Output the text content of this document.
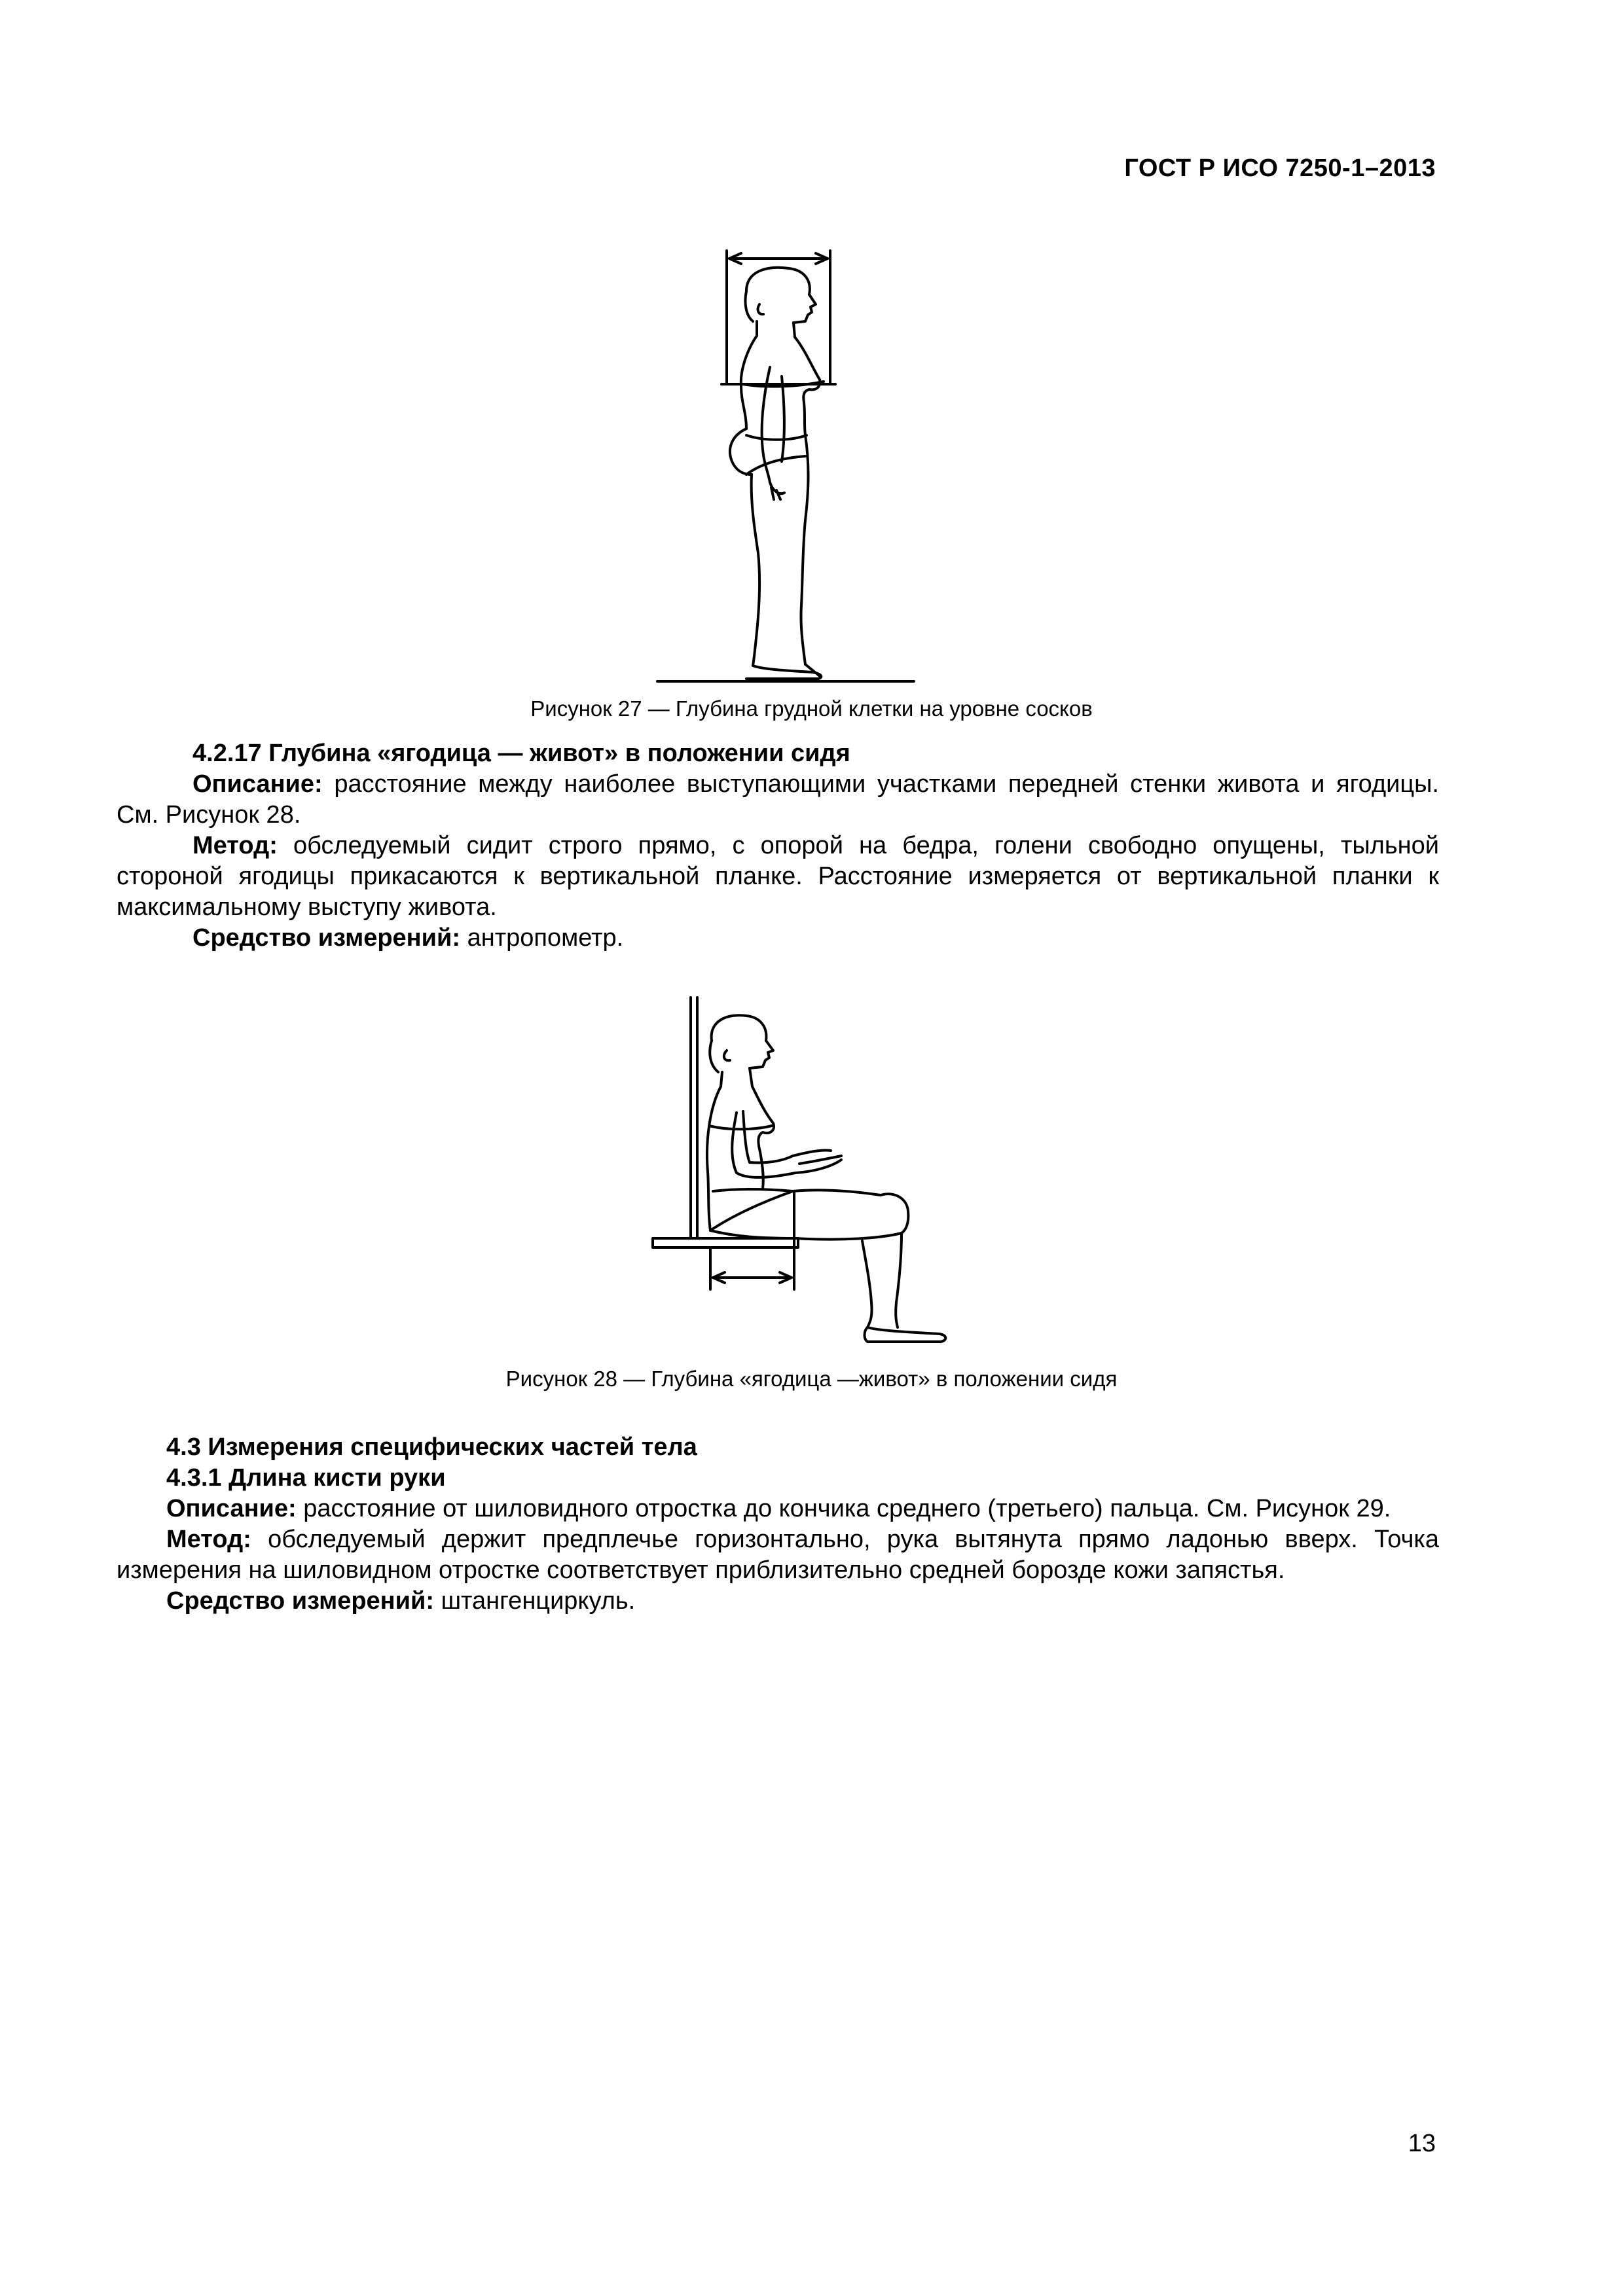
ГОСТ Р ИСО 7250-1–2013
Рисунок 27 — Глубина грудной клетки на уровне сосков

4.2.17 Глубина «ягодица — живот» в положении сидя

Описание: расстояние между наиболее выступающими участками передней стенки живота и ягодицы. См. Рисунок 28.

Метод: обследуемый сидит строго прямо, с опорой на бедра, голени свободно опущены, тыльной стороной ягодицы прикасаются к вертикальной планке. Расстояние измеряется от вертикальной планки к максимальному выступу живота.

Средство измерений: антропометр.

Рисунок 28 — Глубина «ягодица —живот» в положении сидя

4.3 Измерения специфических частей тела

4.3.1 Длина кисти руки

Описание: расстояние от шиловидного отростка до кончика среднего (третьего) пальца. См. Рисунок 29.

Метод: обследуемый держит предплечье горизонтально, рука вытянута прямо ладонью вверх. Точка измерения на шиловидном отростке соответствует приблизительно средней борозде кожи запястья.

Средство измерений: штангенциркуль.

13
